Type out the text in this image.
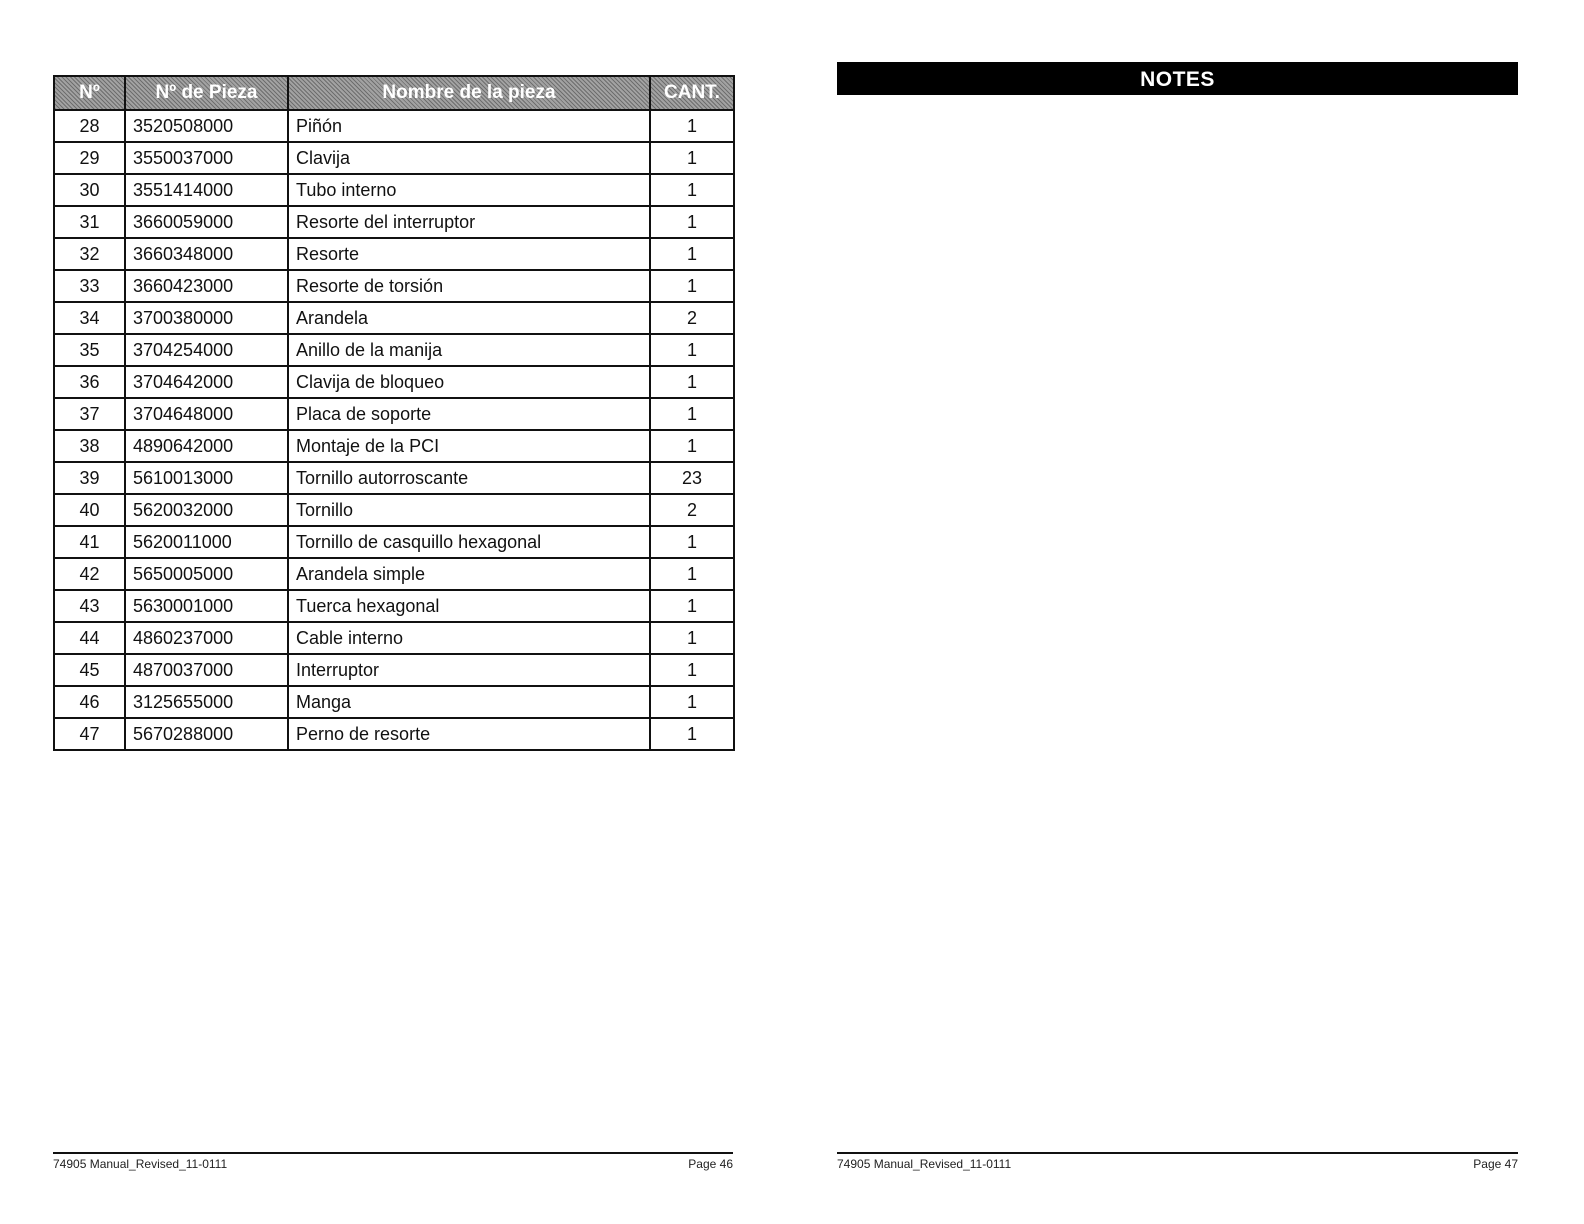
Nº	Nº de Pieza	Nombre de la pieza	CANT.
28	3520508000	Piñón	1
29	3550037000	Clavija	1
30	3551414000	Tubo interno	1
31	3660059000	Resorte del interruptor	1
32	3660348000	Resorte	1
33	3660423000	Resorte de torsión	1
34	3700380000	Arandela	2
35	3704254000	Anillo de la manija	1
36	3704642000	Clavija de bloqueo	1
37	3704648000	Placa de soporte	1
38	4890642000	Montaje de la PCI	1
39	5610013000	Tornillo autorroscante	23
40	5620032000	Tornillo	2
41	5620011000	Tornillo de casquillo hexagonal	1
42	5650005000	Arandela simple	1
43	5630001000	Tuerca hexagonal	1
44	4860237000	Cable interno	1
45	4870037000	Interruptor	1
46	3125655000	Manga	1
47	5670288000	Perno de resorte	1
74905 Manual_Revised_11-0111	Page 46
NOTES
74905 Manual_Revised_11-0111	Page 47
